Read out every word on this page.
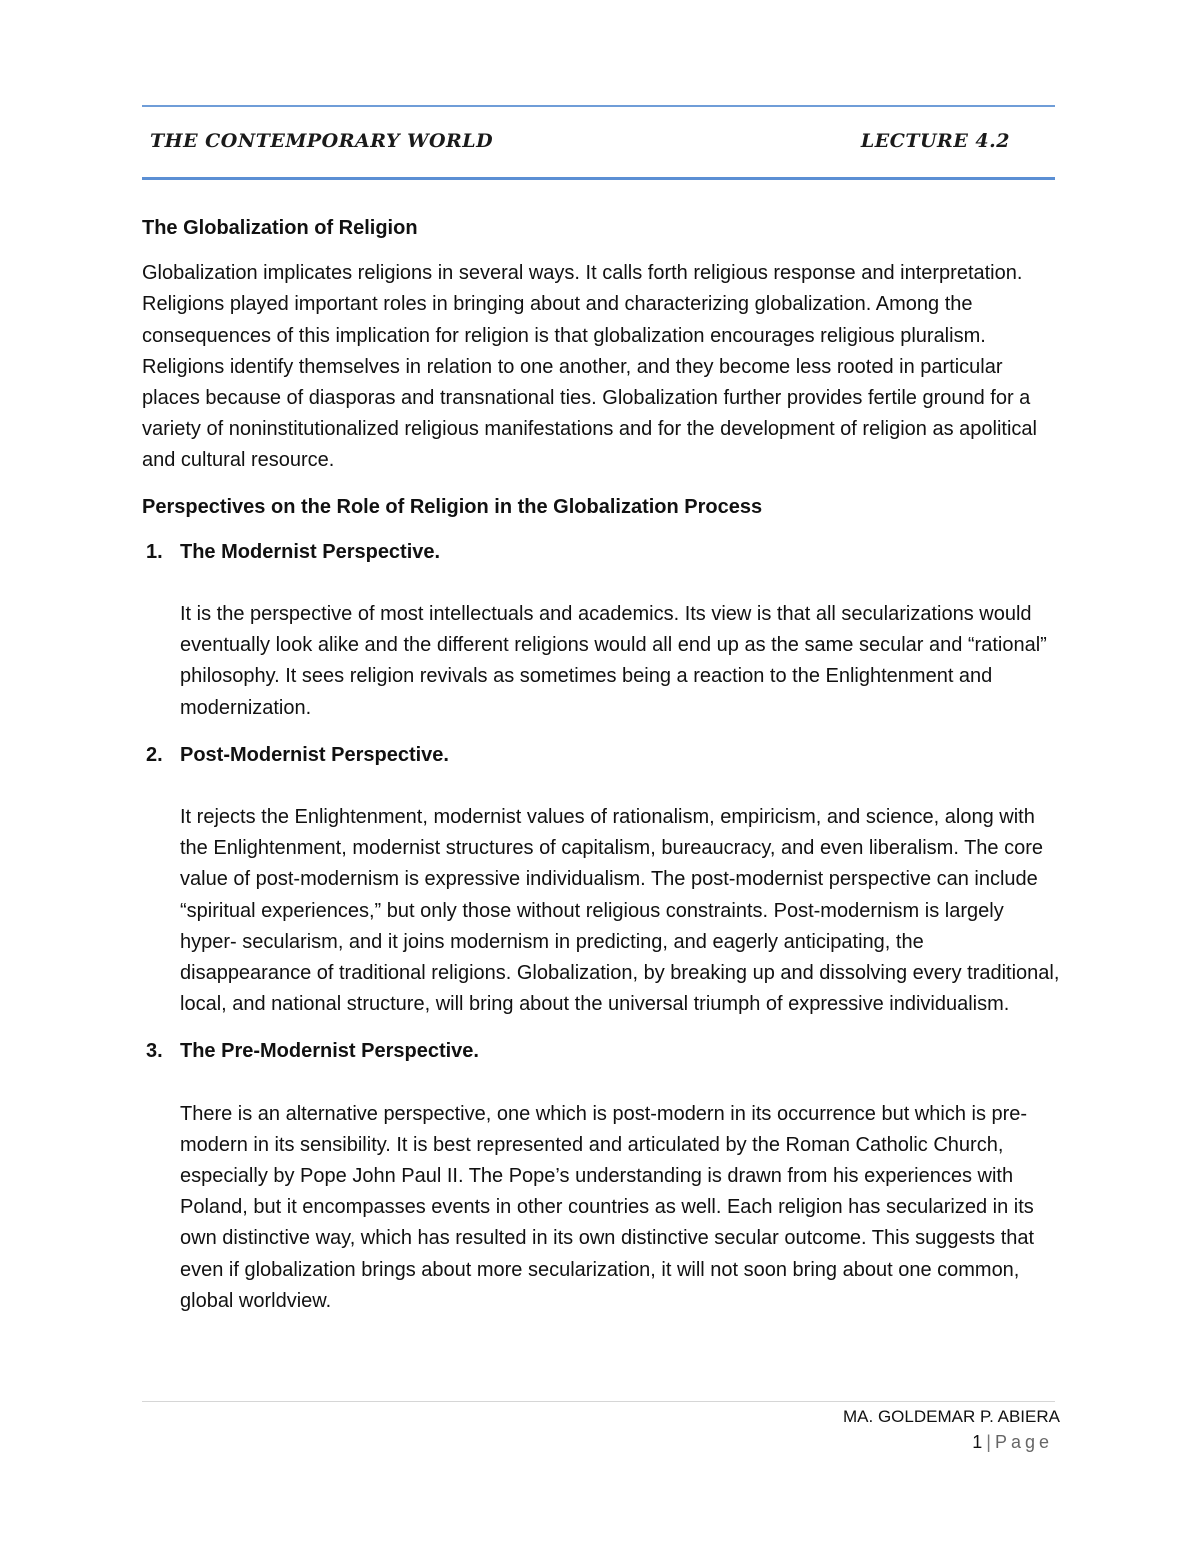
THE CONTEMPORARY WORLD	LECTURE 4.2
The Globalization of Religion
Globalization implicates religions in several ways. It calls forth religious response and interpretation. Religions played important roles in bringing about and characterizing globalization. Among the consequences of this implication for religion is that globalization encourages religious pluralism. Religions identify themselves in relation to one another, and they become less rooted in particular places because of diasporas and transnational ties. Globalization further provides fertile ground for a variety of noninstitutionalized religious manifestations and for the development of religion as apolitical and cultural resource.
Perspectives on the Role of Religion in the Globalization Process
1. The Modernist Perspective.
It is the perspective of most intellectuals and academics. Its view is that all secularizations would eventually look alike and the different religions would all end up as the same secular and “rational” philosophy. It sees religion revivals as sometimes being a reaction to the Enlightenment and modernization.
2. Post-Modernist Perspective.
It rejects the Enlightenment, modernist values of rationalism, empiricism, and science, along with the Enlightenment, modernist structures of capitalism, bureaucracy, and even liberalism. The core value of post-modernism is expressive individualism. The post-modernist perspective can include “spiritual experiences,” but only those without religious constraints. Post-modernism is largely hyper- secularism, and it joins modernism in predicting, and eagerly anticipating, the disappearance of traditional religions. Globalization, by breaking up and dissolving every traditional, local, and national structure, will bring about the universal triumph of expressive individualism.
3. The Pre-Modernist Perspective.
There is an alternative perspective, one which is post-modern in its occurrence but which is pre-modern in its sensibility. It is best represented and articulated by the Roman Catholic Church, especially by Pope John Paul II. The Pope’s understanding is drawn from his experiences with Poland, but it encompasses events in other countries as well. Each religion has secularized in its own distinctive way, which has resulted in its own distinctive secular outcome. This suggests that even if globalization brings about more secularization, it will not soon bring about one common, global worldview.
MA. GOLDEMAR P. ABIERA
1 | Page
